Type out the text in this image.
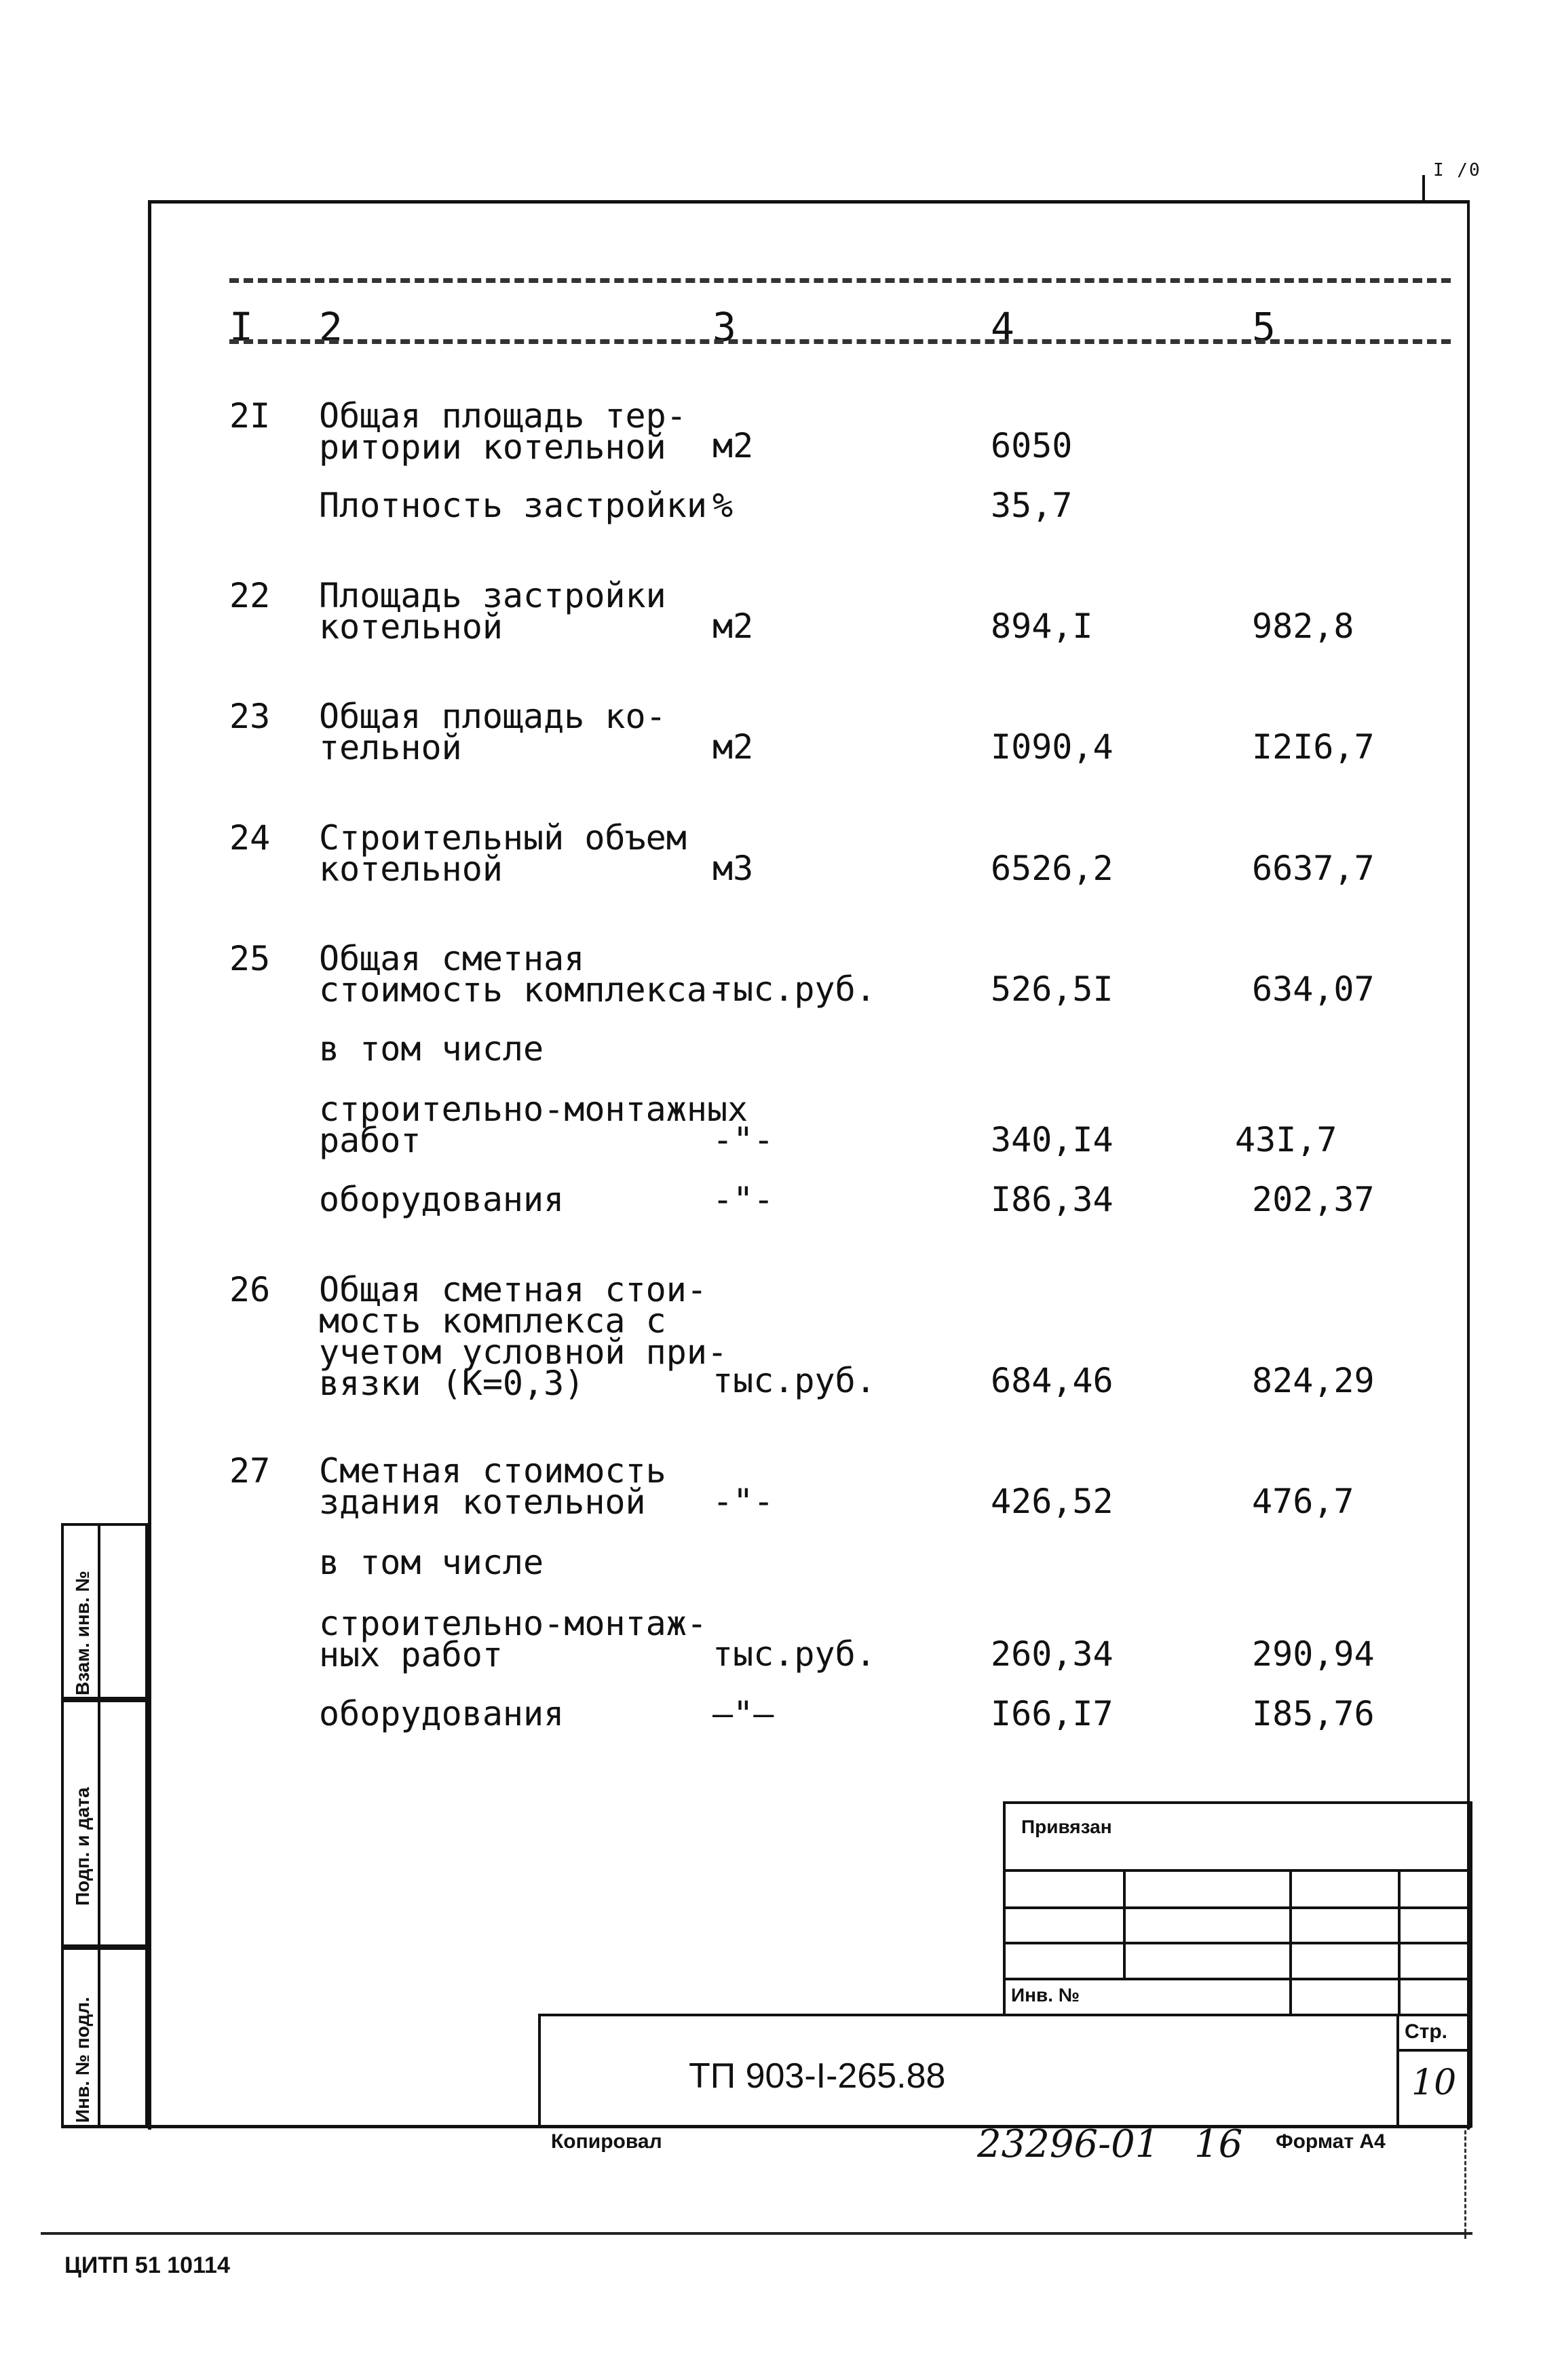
I /0
I 2	3	4	5
2I Общая площадь тер-
ритории котельной	м2	6050
Плотность застройки %	35,7
22 Площадь застройки
котельной	м2	894,I	982,8
23 Общая площадь ко-
тельной	м2	I090,4	I2I6,7
24 Строительный объем
котельной	м3	6526,2	6637,7
25 Общая сметная
стоимость комплекса-
тыс.руб.	526,5I	634,07
в том числе
строительно-монтажных
работ	-"-	340,I4	43I,7
оборудования	-"-	I86,34	202,37
26 Общая сметная стои-
мость комплекса с
учетом условной при-
вязки (К=0,3)	тыс.руб.	684,46	824,29
27 Сметная стоимость
здания котельной	-"-	426,52	476,7
в том числе
строительно-монтаж-
ных работ	тыс.руб.	260,34	290,94
оборудования	—"—	I66,I7	I85,76
Взам. инв. №
Подп. и дата
Инв. № подл.
Привязан
Инв. №
ТП 903-I-265.88
Стр.
10
Копировал	23296-01 16 Формат А4
ЦИТП 51 10114
